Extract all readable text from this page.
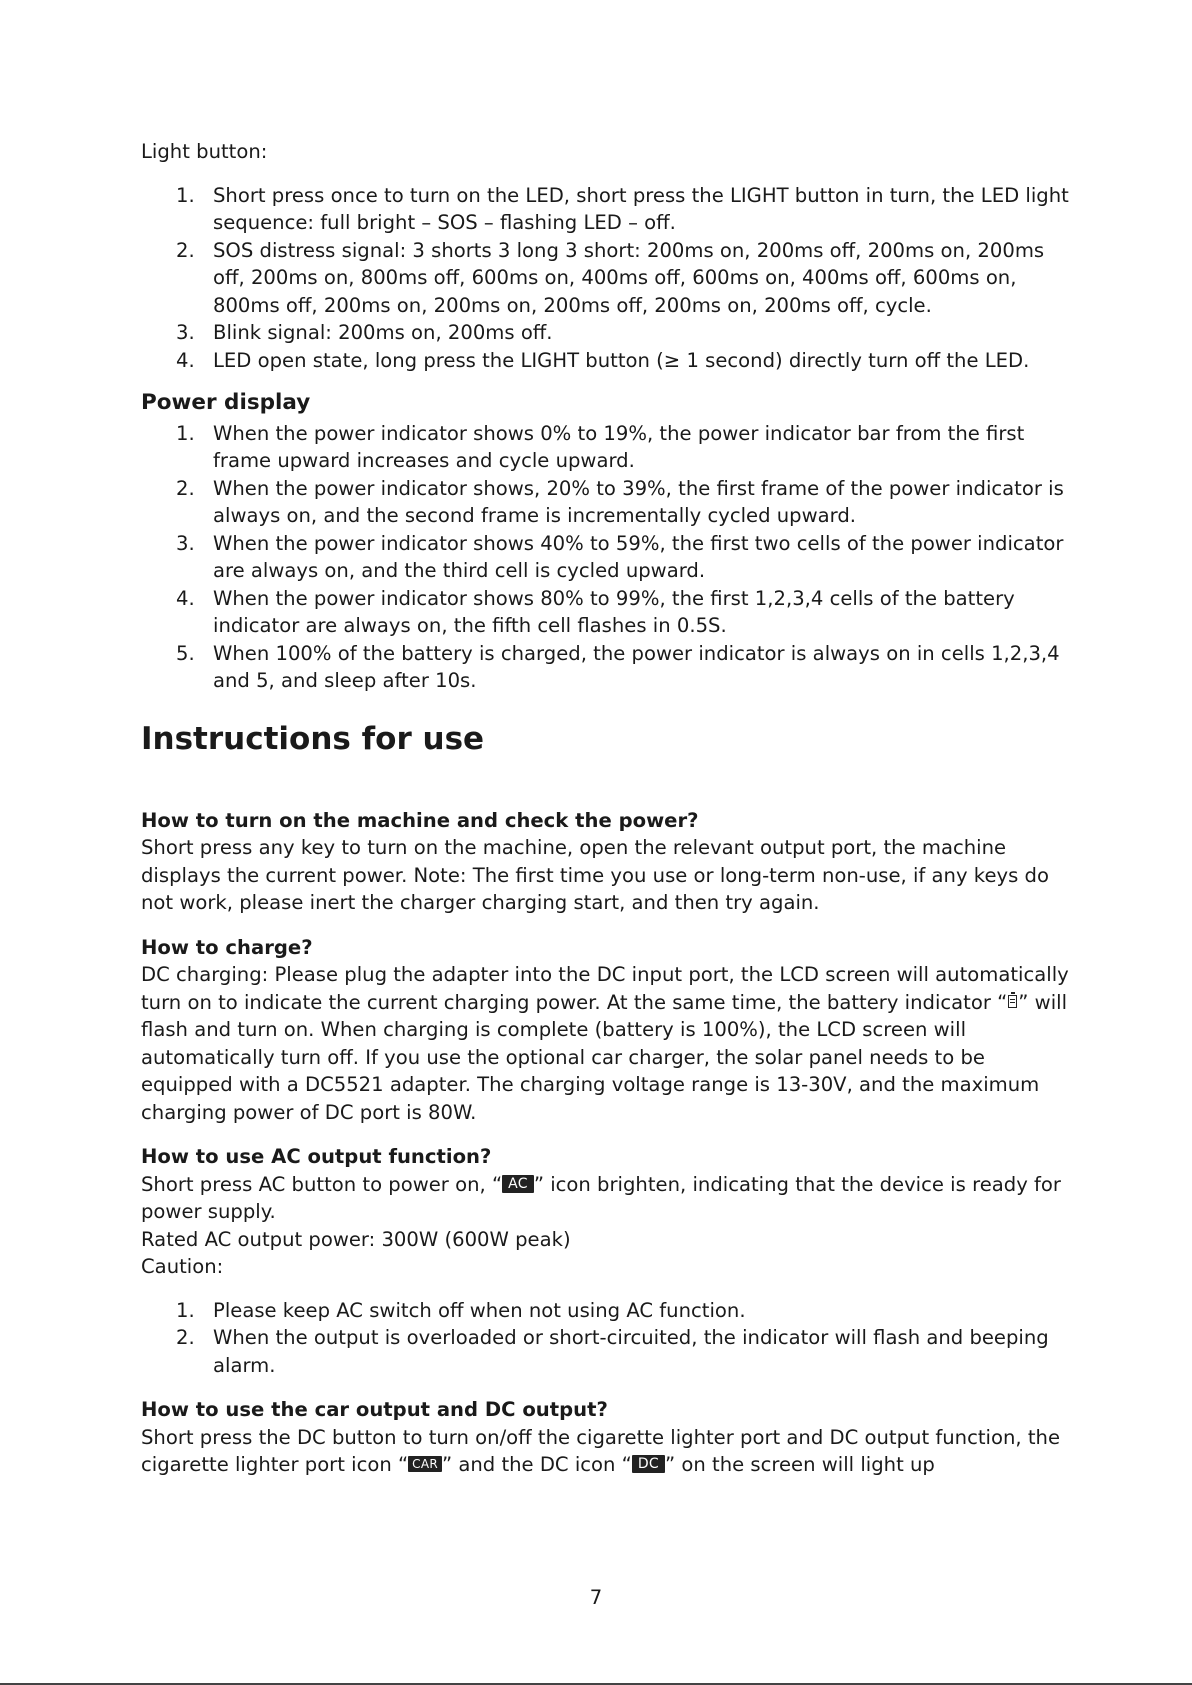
Light button:

1. Short press once to turn on the LED, short press the LIGHT button in turn, the LED light sequence: full bright – SOS – flashing LED – off.
2. SOS distress signal: 3 shorts 3 long 3 short: 200ms on, 200ms off, 200ms on, 200ms off, 200ms on, 800ms off, 600ms on, 400ms off, 600ms on, 400ms off, 600ms on, 800ms off, 200ms on, 200ms on, 200ms off, 200ms on, 200ms off, cycle.
3. Blink signal: 200ms on, 200ms off.
4. LED open state, long press the LIGHT button (≥ 1 second) directly turn off the LED.

Power display

1. When the power indicator shows 0% to 19%, the power indicator bar from the first frame upward increases and cycle upward.
2. When the power indicator shows, 20% to 39%, the first frame of the power indicator is always on, and the second frame is incrementally cycled upward.
3. When the power indicator shows 40% to 59%, the first two cells of the power indicator are always on, and the third cell is cycled upward.
4. When the power indicator shows 80% to 99%, the first 1,2,3,4 cells of the battery indicator are always on, the fifth cell flashes in 0.5S.
5. When 100% of the battery is charged, the power indicator is always on in cells 1,2,3,4 and 5, and sleep after 10s.

Instructions for use

How to turn on the machine and check the power?

Short press any key to turn on the machine, open the relevant output port, the machine displays the current power. Note: The first time you use or long-term non-use, if any keys do not work, please inert the charger charging start, and then try again.

How to charge?

DC charging: Please plug the adapter into the DC input port, the LCD screen will automatically turn on to indicate the current charging power. At the same time, the battery indicator “ ” will flash and turn on. When charging is complete (battery is 100%), the LCD screen will automatically turn off. If you use the optional car charger, the solar panel needs to be equipped with a DC5521 adapter. The charging voltage range is 13-30V, and the maximum charging power of DC port is 80W.

How to use AC output function?

Short press AC button to power on, “ AC ” icon brighten, indicating that the device is ready for power supply.

Rated AC output power: 300W (600W peak)

Caution:

1. Please keep AC switch off when not using AC function.
2. When the output is overloaded or short-circuited, the indicator will flash and beeping alarm.

How to use the car output and DC output?

Short press the DC button to turn on/off the cigarette lighter port and DC output function, the cigarette lighter port icon “ CAR ” and the DC icon “ DC ” on the screen will light up

7
